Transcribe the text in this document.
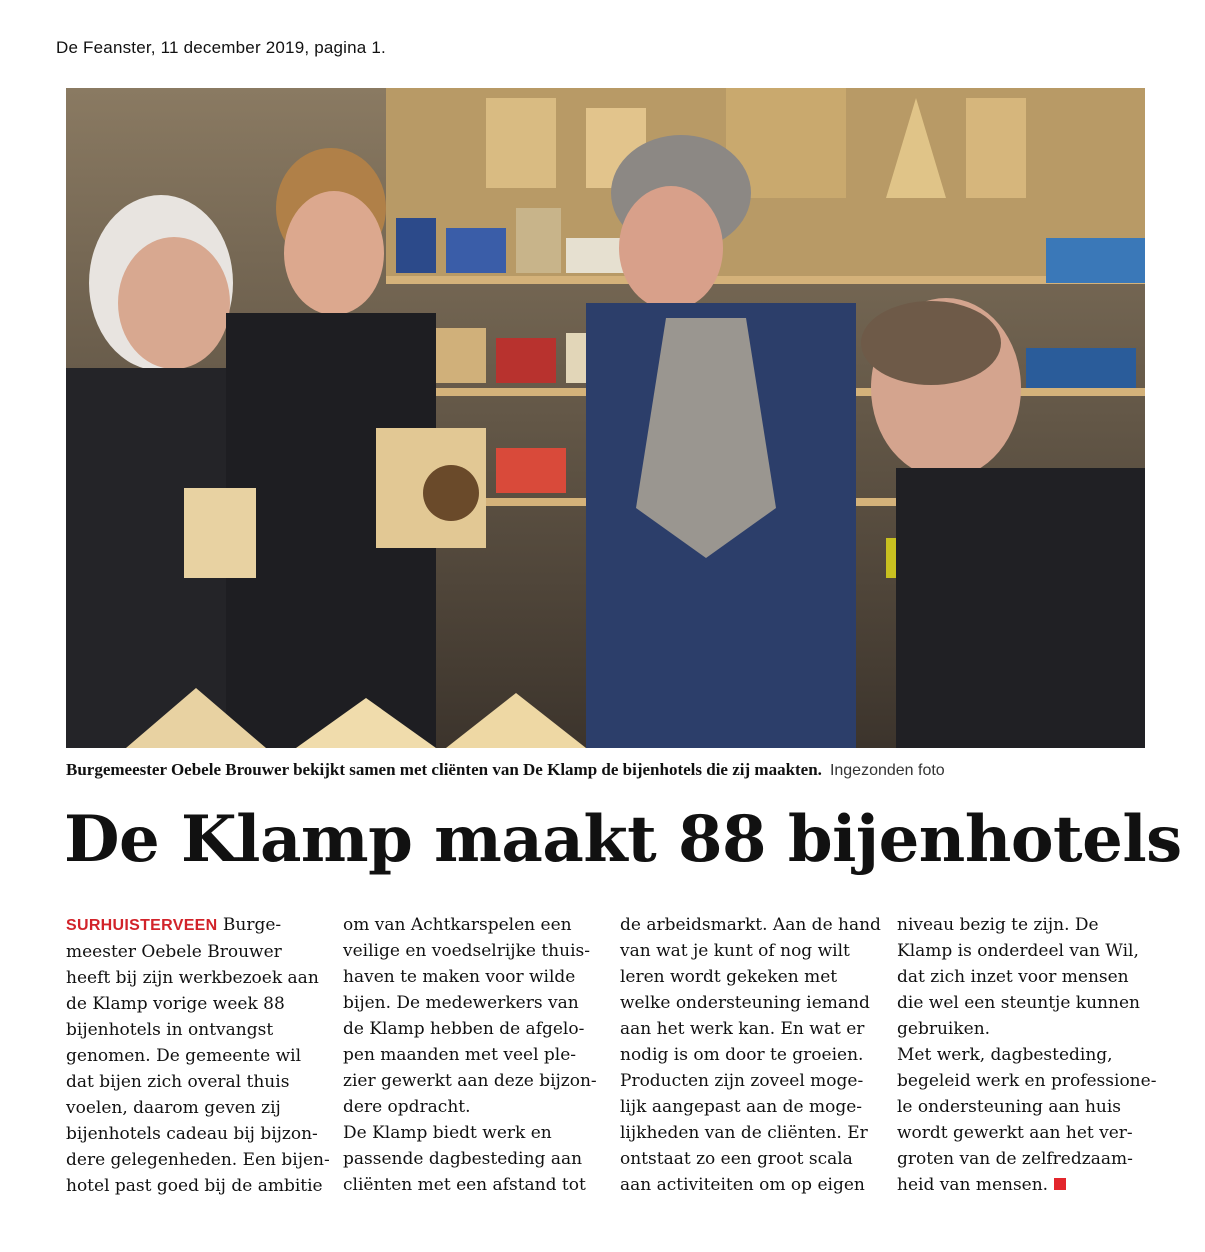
De Feanster, 11 december 2019, pagina 1.
Burgemeester Oebele Brouwer bekijkt samen met cliënten van De Klamp de bijenhotels die zij maakten. Ingezonden foto
De Klamp maakt 88 bijenhotels
SURHUISTERVEEN Burge-
meester Oebele Brouwer
heeft bij zijn werkbezoek aan
de Klamp vorige week 88
bijenhotels in ontvangst
genomen. De gemeente wil
dat bijen zich overal thuis
voelen, daarom geven zij
bijenhotels cadeau bij bijzon-
dere gelegenheden. Een bijen-
hotel past goed bij de ambitie
om van Achtkarspelen een
veilige en voedselrijke thuis-
haven te maken voor wilde
bijen. De medewerkers van
de Klamp hebben de afgelo-
pen maanden met veel ple-
zier gewerkt aan deze bijzon-
dere opdracht.
De Klamp biedt werk en
passende dagbesteding aan
cliënten met een afstand tot
de arbeidsmarkt. Aan de hand
van wat je kunt of nog wilt
leren wordt gekeken met
welke ondersteuning iemand
aan het werk kan. En wat er
nodig is om door te groeien.
Producten zijn zoveel moge-
lijk aangepast aan de moge-
lijkheden van de cliënten. Er
ontstaat zo een groot scala
aan activiteiten om op eigen
niveau bezig te zijn. De
Klamp is onderdeel van Wil,
dat zich inzet voor mensen
die wel een steuntje kunnen
gebruiken.
Met werk, dagbesteding,
begeleid werk en professione-
le ondersteuning aan huis
wordt gewerkt aan het ver-
groten van de zelfredzaam-
heid van mensen.
